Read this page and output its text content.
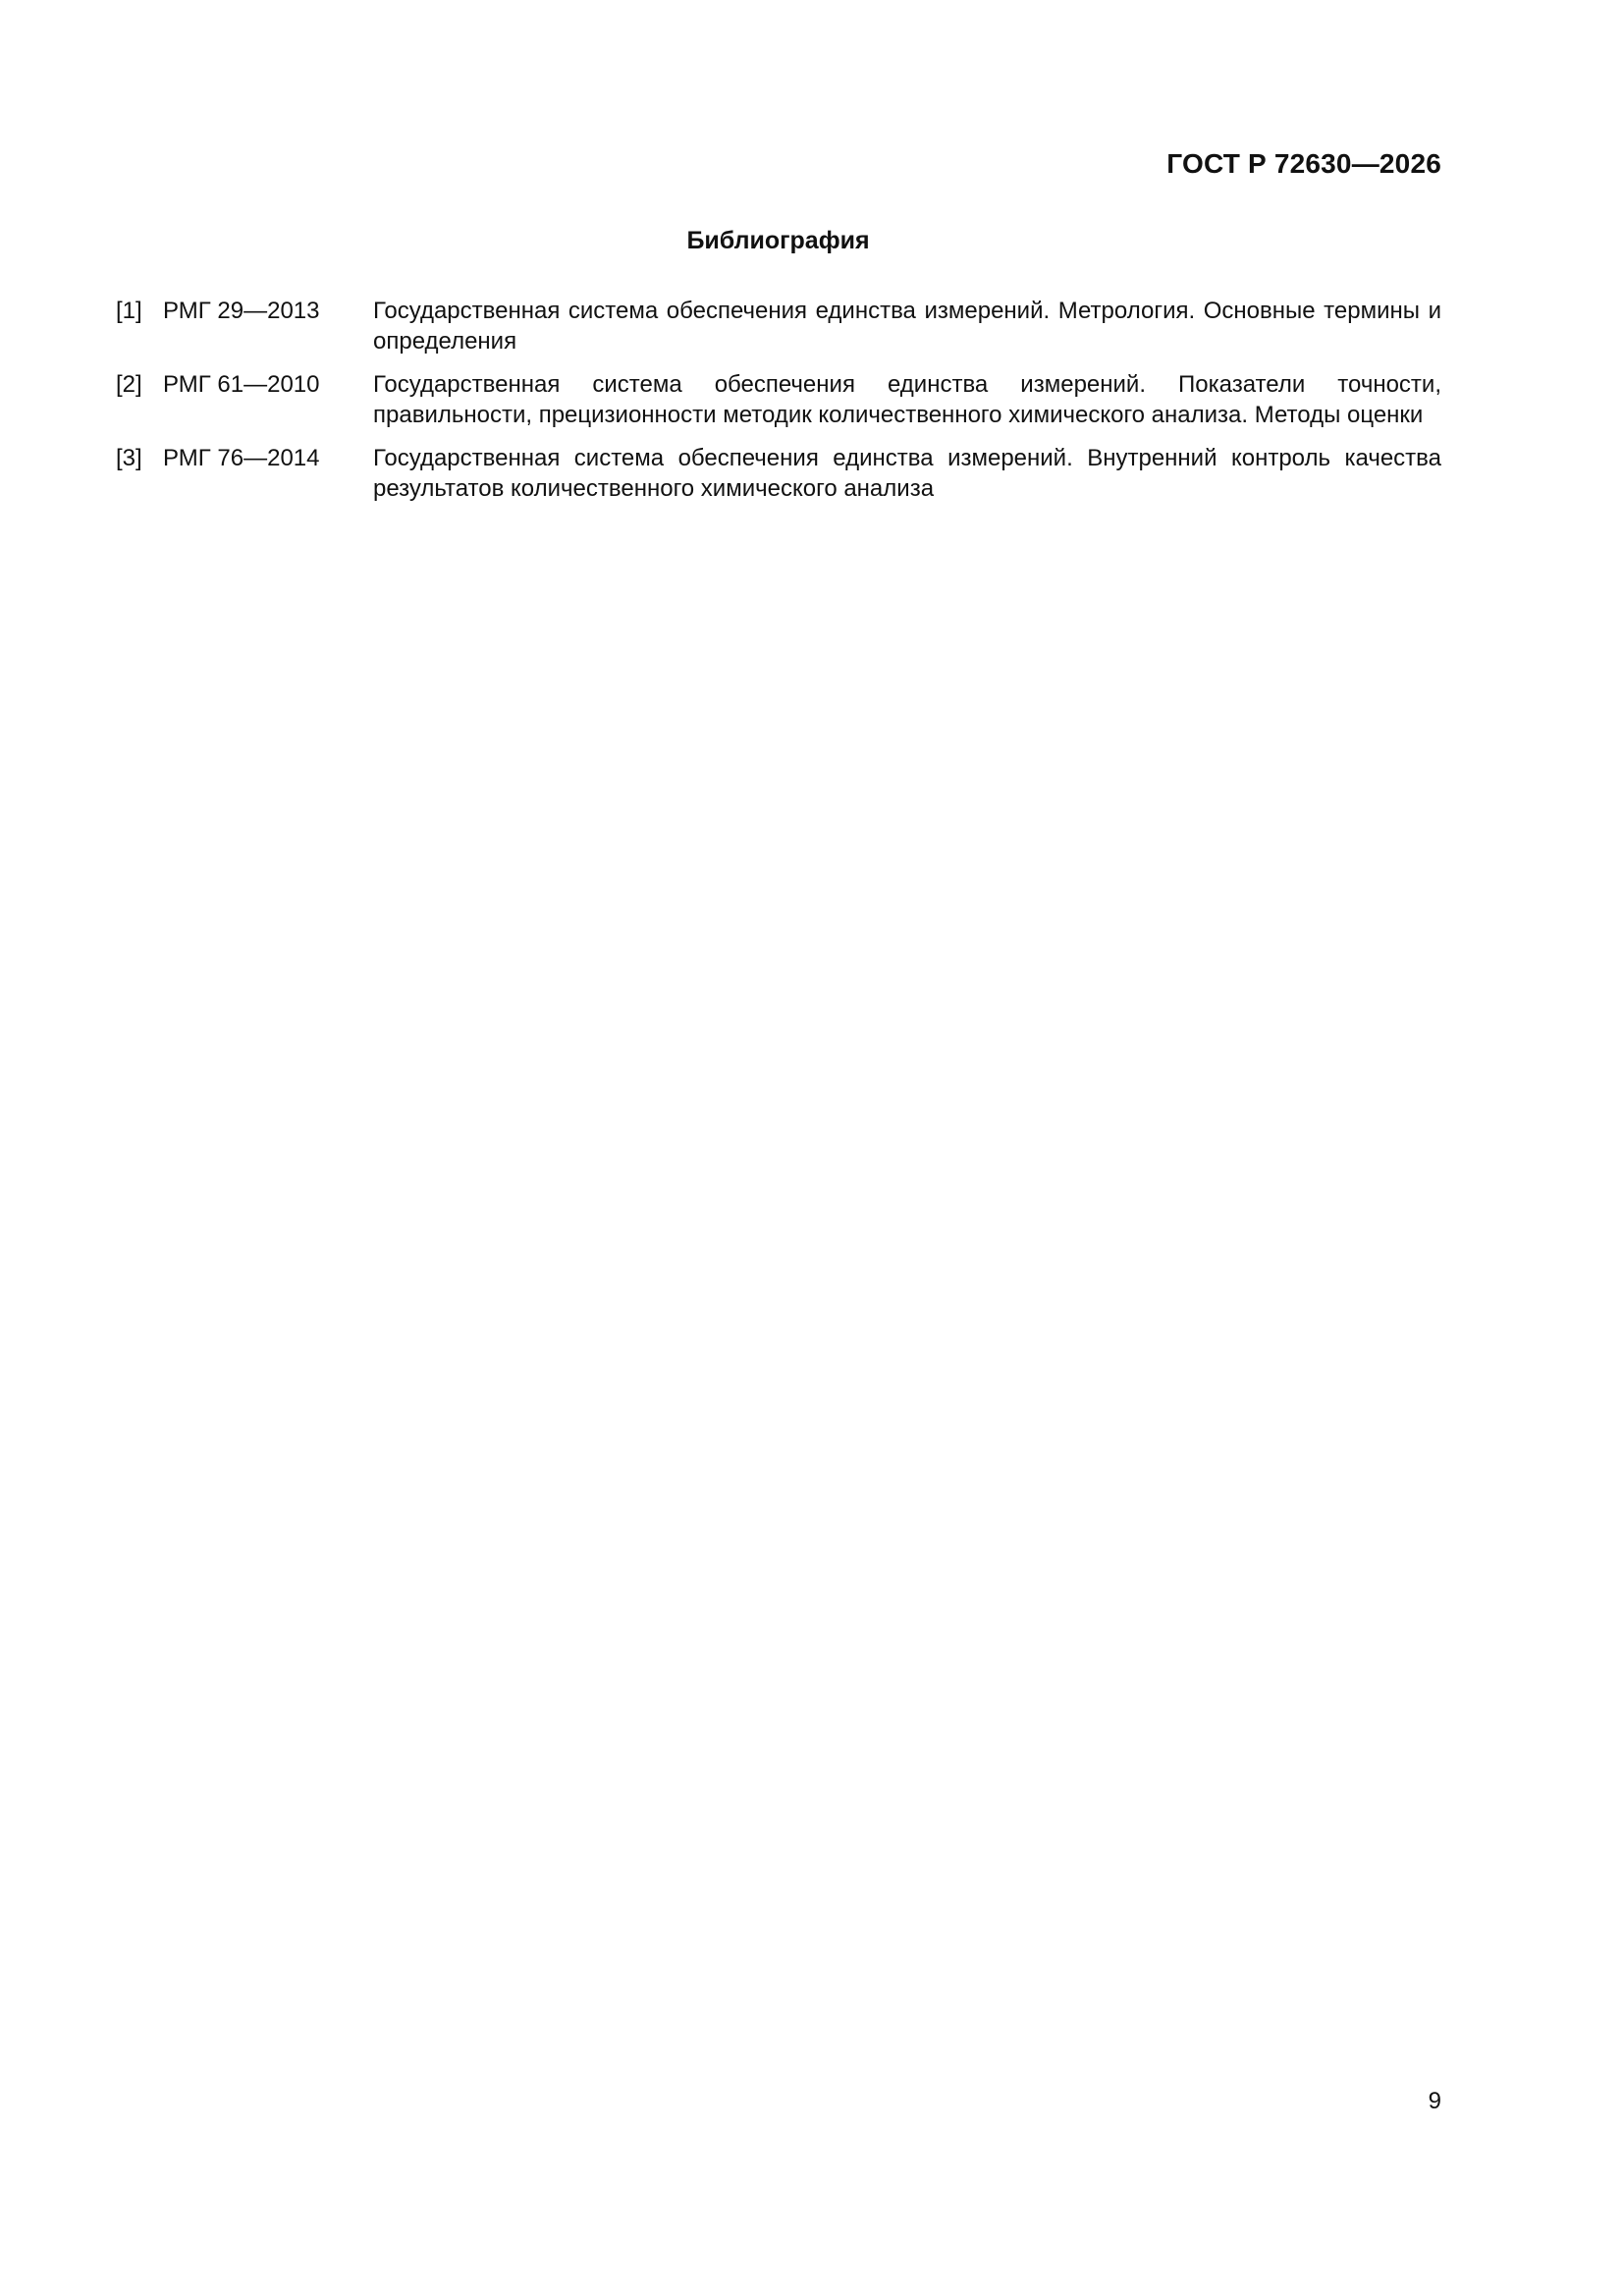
ГОСТ Р 72630—2026
Библиография
[1] РМГ 29—2013	Государственная система обеспечения единства измерений. Метрология. Основные термины и определения
[2] РМГ 61—2010	Государственная система обеспечения единства измерений. Показатели точности, правильности, прецизионности методик количественного химического анализа. Методы оценки
[3] РМГ 76—2014	Государственная система обеспечения единства измерений. Внутренний контроль качества результатов количественного химического анализа
9
